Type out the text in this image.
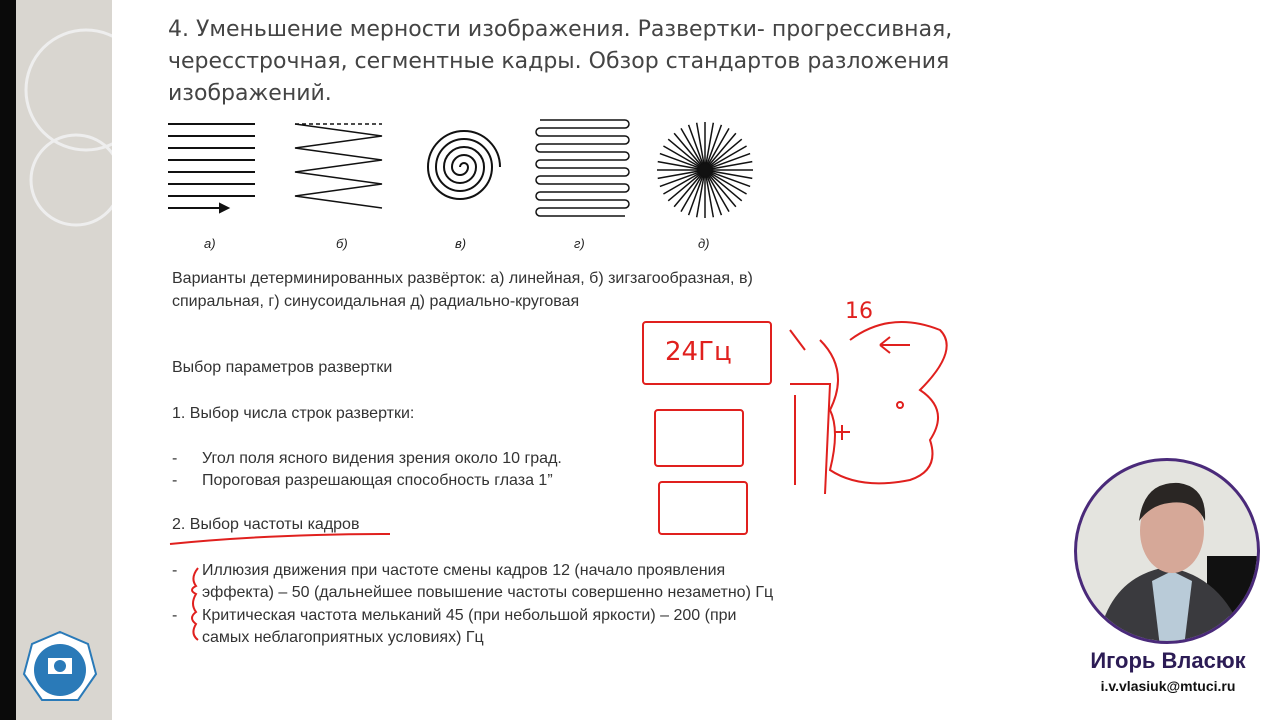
4. Уменьшение мерности изображения. Развертки- прогрессивная, чересстрочная, сегментные кадры. Обзор стандартов разложения изображений.
а)	б)	в)	г)	д)
Варианты детерминированных развёрток: а) линейная, б) зигзагообразная, в)
спиральная, г) синусоидальная д) радиально-круговая
Выбор параметров развертки
1. Выбор числа строк развертки:
- Угол поля ясного видения зрения около 10 град.
- Пороговая разрешающая способность глаза 1”
2. Выбор частоты кадров
- Иллюзия движения при частоте смены кадров 12 (начало проявления
эффекта) – 50 (дальнейшее повышение частоты совершенно незаметно) Гц
- Критическая частота мельканий 45 (при небольшой яркости) – 200 (при
самых неблагоприятных условиях) Гц
24Гц
16
Игорь Власюк
i.v.vlasiuk@mtuci.ru
